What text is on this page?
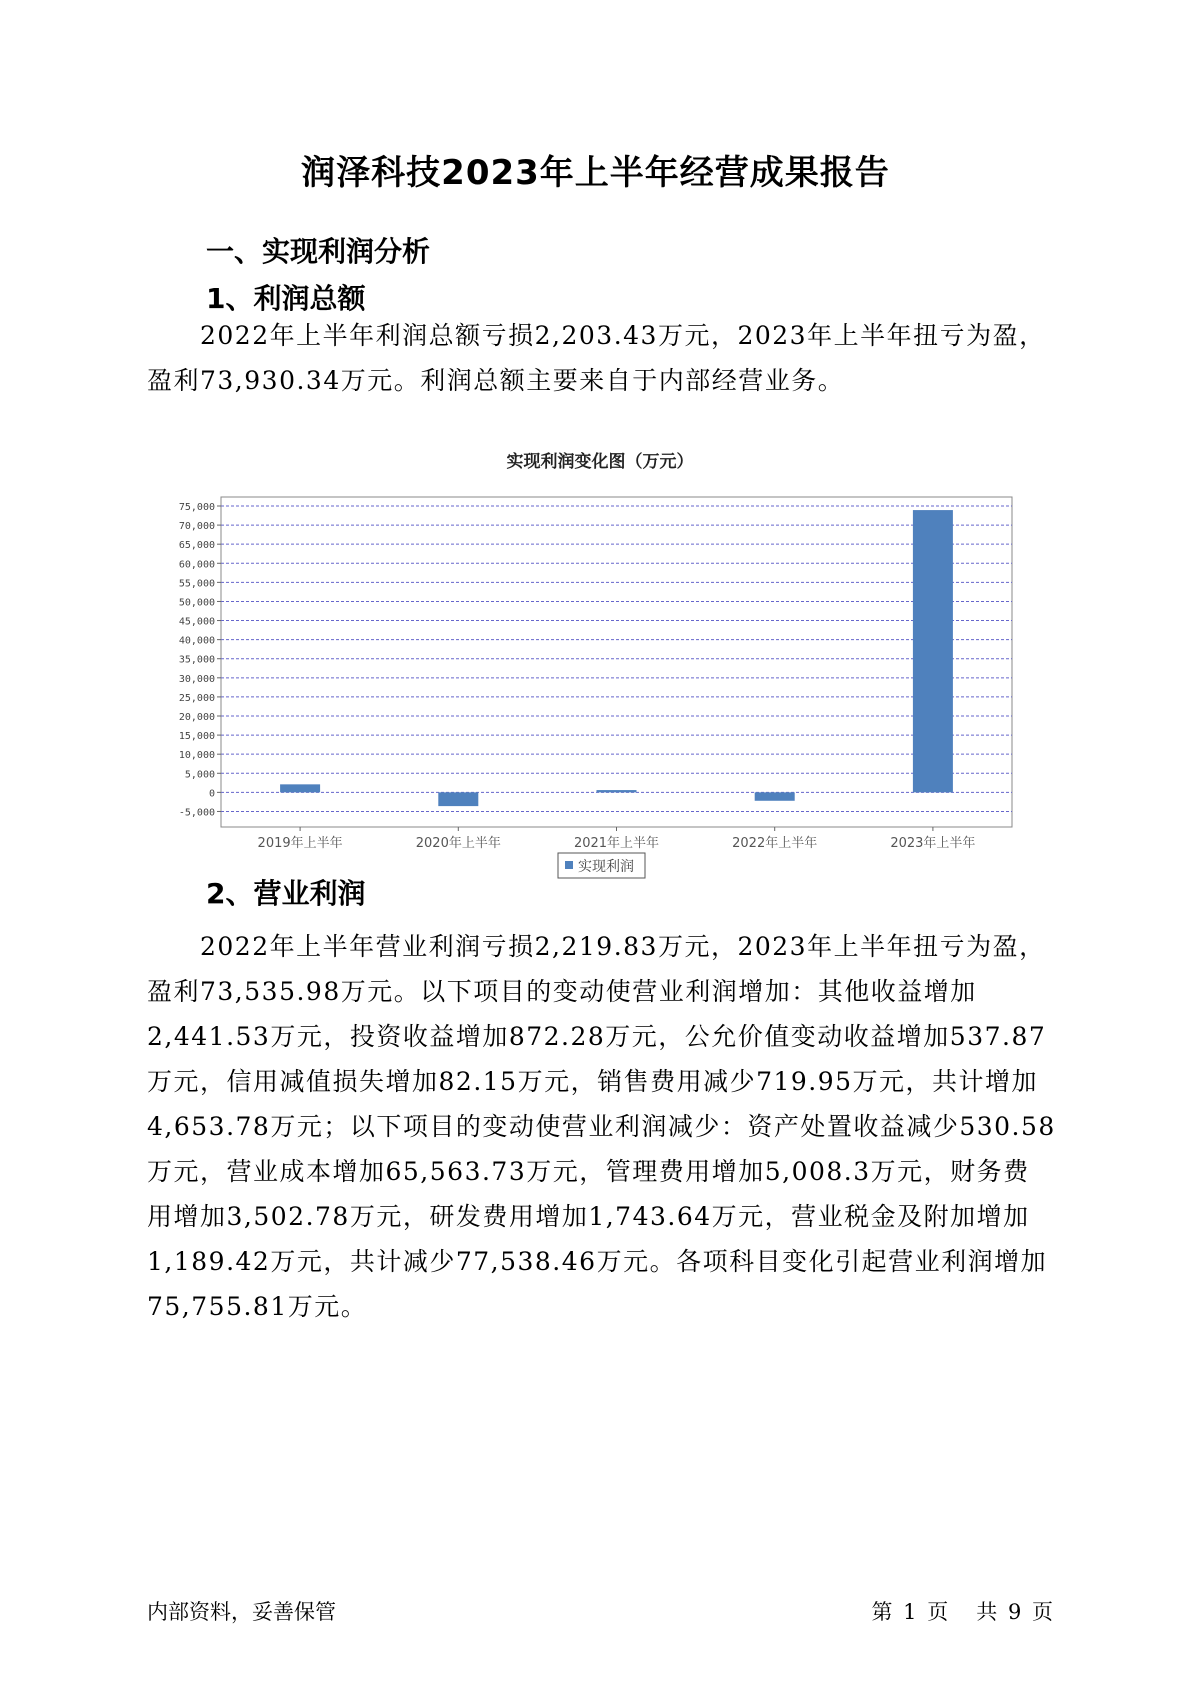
润泽科技2023年上半年经营成果报告
一、实现利润分析
1、利润总额
2022年上半年利润总额亏损2,203.43万元，2023年上半年扭亏为盈，
盈利73,930.34万元。利润总额主要来自于内部经营业务。
实现利润变化图（万元）
-5,000
0
5,000
10,000
15,000
20,000
25,000
30,000
35,000
40,000
45,000
50,000
55,000
60,000
65,000
70,000
75,000
2019年上半年	2020年上半年	2021年上半年	2022年上半年	2023年上半年
实现利润
2、营业利润
2022年上半年营业利润亏损2,219.83万元，2023年上半年扭亏为盈，
盈利73,535.98万元。以下项目的变动使营业利润增加：其他收益增加
2,441.53万元，投资收益增加872.28万元，公允价值变动收益增加537.87
万元，信用减值损失增加82.15万元，销售费用减少719.95万元，共计增加
4,653.78万元；以下项目的变动使营业利润减少：资产处置收益减少530.58
万元，营业成本增加65,563.73万元，管理费用增加5,008.3万元，财务费
用增加3,502.78万元，研发费用增加1,743.64万元，营业税金及附加增加
1,189.42万元，共计减少77,538.46万元。各项科目变化引起营业利润增加
75,755.81万元。
内部资料，妥善保管	第 1 页 共 9 页
